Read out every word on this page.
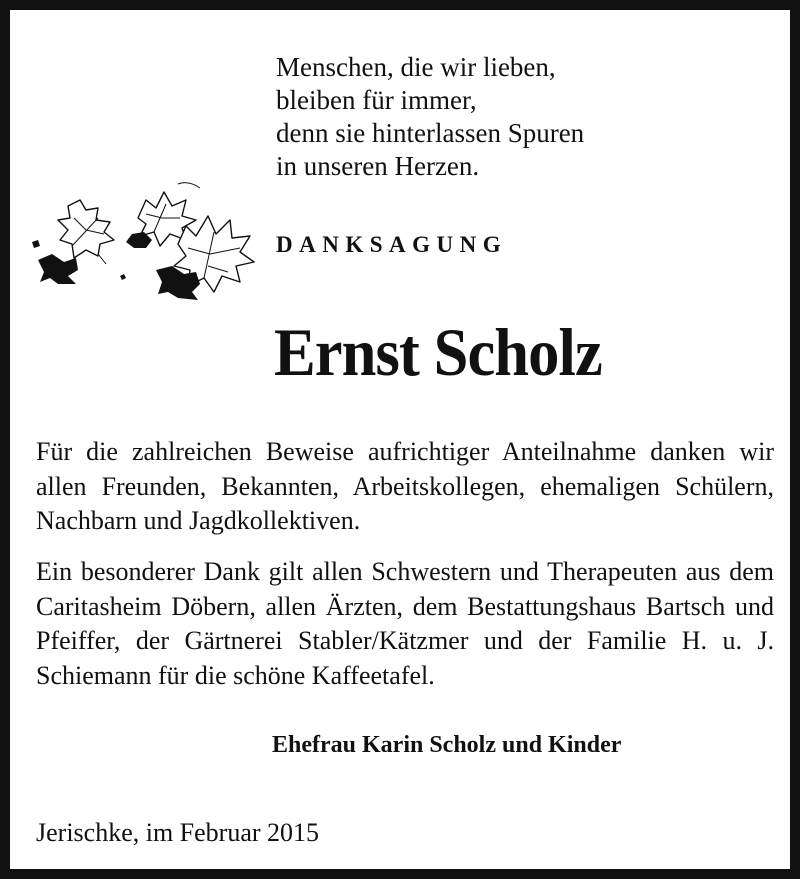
Menschen, die wir lieben,
bleiben für immer,
denn sie hinterlassen Spuren
in unseren Herzen.
DANKSAGUNG
Ernst Scholz
Für die zahlreichen Beweise aufrichtiger Anteilnahme danken wir allen Freunden, Bekannten, Arbeitskollegen, ehemaligen Schülern, Nachbarn und Jagdkollektiven.
Ein besonderer Dank gilt allen Schwestern und Therapeuten aus dem Caritasheim Döbern, allen Ärzten, dem Bestattungshaus Bartsch und Pfeiffer, der Gärtnerei Stabler/Kätzmer und der Familie H. u. J. Schiemann für die schöne Kaffeetafel.
Ehefrau Karin Scholz und Kinder
Jerischke, im Februar 2015
